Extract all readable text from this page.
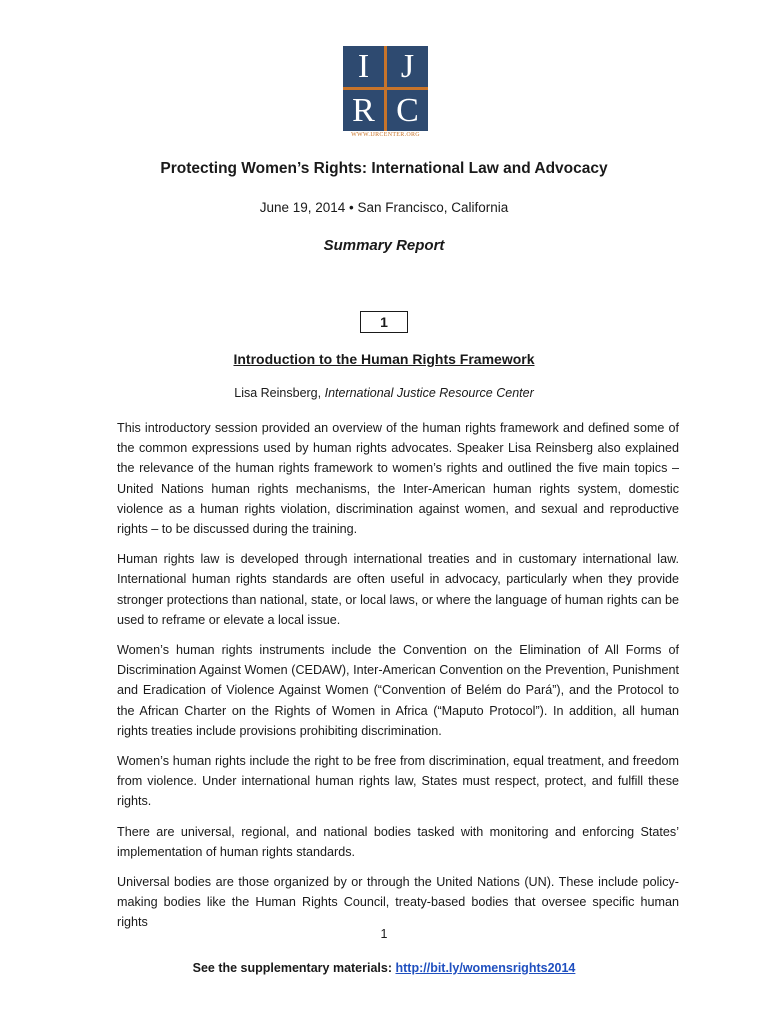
I J
R C
WWW.IJRCENTER.ORG
Protecting Women’s Rights: International Law and Advocacy
June 19, 2014 • San Francisco, California
Summary Report
1
Introduction to the Human Rights Framework
Lisa Reinsberg, International Justice Resource Center

This introductory session provided an overview of the human rights framework and defined some of the common expressions used by human rights advocates. Speaker Lisa Reinsberg also explained the relevance of the human rights framework to women’s rights and outlined the five main topics – United Nations human rights mechanisms, the Inter-American human rights system, domestic violence as a human rights violation, discrimination against women, and sexual and reproductive rights – to be discussed during the training.

Human rights law is developed through international treaties and in customary international law. International human rights standards are often useful in advocacy, particularly when they provide stronger protections than national, state, or local laws, or where the language of human rights can be used to reframe or elevate a local issue.

Women’s human rights instruments include the Convention on the Elimination of All Forms of Discrimination Against Women (CEDAW), Inter-American Convention on the Prevention, Punishment and Eradication of Violence Against Women (“Convention of Belém do Pará”), and the Protocol to the African Charter on the Rights of Women in Africa (“Maputo Protocol”). In addition, all human rights treaties include provisions prohibiting discrimination.

Women’s human rights include the right to be free from discrimination, equal treatment, and freedom from violence. Under international human rights law, States must respect, protect, and fulfill these rights.

There are universal, regional, and national bodies tasked with monitoring and enforcing States’ implementation of human rights standards.

Universal bodies are those organized by or through the United Nations (UN). These include policy-making bodies like the Human Rights Council, treaty-based bodies that oversee specific human rights

1
See the supplementary materials: http://bit.ly/womensrights2014
